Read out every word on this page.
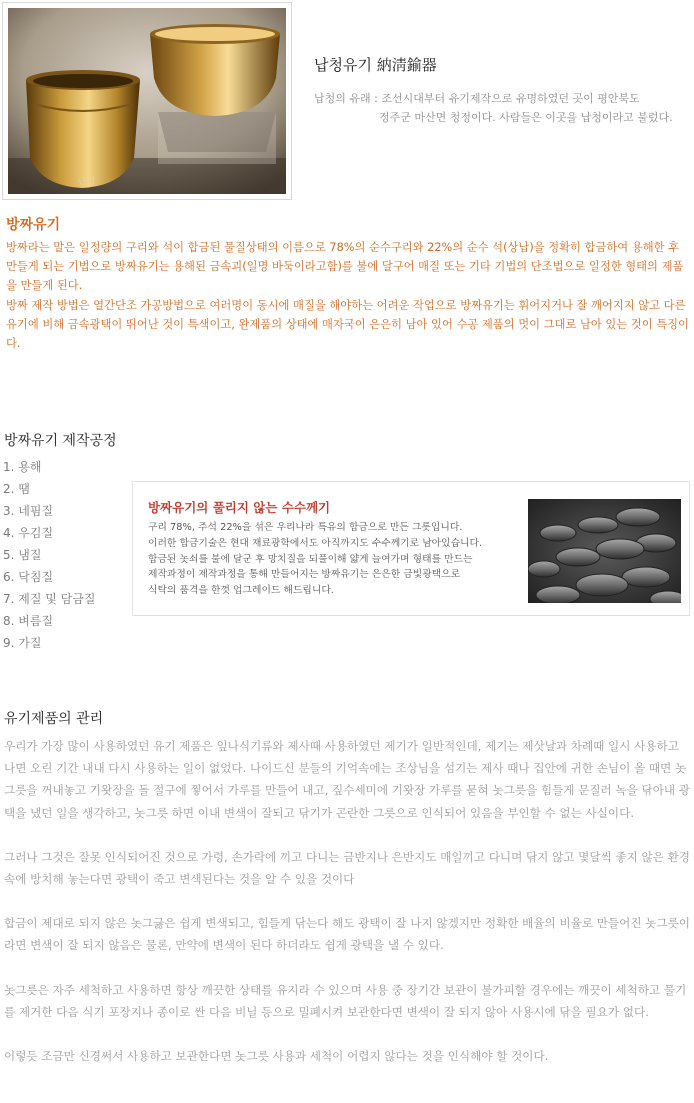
근정
납청유기 納淸鍮器
납청의 유래 : 조선시대부터 유기제작으로 유명하였던 곳이 평안북도
정주군 마산면 청정이다. 사람들은 이곳을 납청이라고 불렀다.
방짜유기

방짜라는 말은 일정량의 구리와 석이 합금된 물질상태의 이름으로 78%의 순수구리와 22%의 순수 석(상납)을 정확히 합금하여 용해한 후 만들게 되는 기법으로 방짜유기는 용해된 금속괴(일명 바둑이라고함)를 불에 달구어 매질 또는 기타 기법의 단조법으로 일정한 형태의 제품을 만들게 된다.

방짜 제작 방법은 열간단조 가공방법으로 여러명이 동시에 매질을 해야하는 어려운 작업으로 방짜유기는 휘어지거나 잘 깨어지지 않고 다른 유기에 비해 금속광택이 뛰어난 것이 특색이고, 완제품의 상태에 매자국이 은은히 남아 있어 수공 제품의 멋이 그대로 남아 있는 것이 특징이다.

방짜유기 제작공정
1. 용해
2. 땜
3. 네핌질
4. 우김질
5. 냄질
6. 닥침질
7. 제질 및 담금질
8. 벼름질
9. 가질
방짜유기의 풀리지 않는 수수께기

구리 78%, 주석 22%을 섞은 우리나라 특유의 합금으로 만든 그릇입니다.

이러한 합금기술은 현대 재료광학에서도 아직까지도 수수께기로 남아있습니다.

합금된 놋쇠를 불에 달군 후 망치질을 되풀이해 얇게 늘여가며 형태를 만드는

제작과정이 제작과정을 통해 만들어지는 방짜유기는 은은한 금빛광택으로

식탁의 품격을 한껏 업그레이드 해드립니다.

유기제품의 관리

우리가 가장 많이 사용하였던 유기 제품은 잎나식기류와 제사때 사용하였던 제기가 일반적인데, 제기는 제삿날과 차례때 일시 사용하고 나면 오린 기간 내내 다시 사용하는 일이 없었다. 나이드신 분들의 기억속에는 조상님을 섬기는 제사 때나 집안에 귀한 손님이 올 때면 놋그릇을 꺼내놓고 기왓장을 돌 절구에 찧어서 가루를 만들어 내고, 짚수세미에 기왓장 가루를 묻혀 놋그릇을 힘들게 문질러 녹을 닦아내 광택을 냈던 일을 생각하고, 놋그릇 하면 이내 변색이 잘되고 닦기가 곤란한 그릇으로 인식되어 있음을 부인할 수 없는 사실이다.

그러나 그것은 잘못 인식되어진 것으로 가령, 손가락에 끼고 다니는 금반지나 은반지도 매일끼고 다니며 닦지 않고 몇달씩 좋지 않은 환경 속에 방치해 놓는다면 광택이 죽고 변색된다는 것을 알 수 있을 것이다

합금이 제대로 되지 않은 놋그긇은 쉽게 변색되고, 힘들게 닦는다 해도 광택이 잘 나지 않겠지만 정확한 배율의 비율로 만들어진 놋그릇이라면 변색이 잘 되지 않음은 물론, 만약에 변색이 된다 하더라도 쉽게 광택을 낼 수 있다.

놋그릇은 자주 세척하고 사용하면 항상 깨끗한 상태를 유지라 수 있으며 사용 중 장기간 보관이 불가피할 경우에는 깨끗이 세척하고 물기를 제거한 다음 식기 포장지나 종이로 싼 다음 비닐 등으로 밀폐시켜 보관한다면 변색이 잘 되지 않아 사용시에 닦을 필요가 없다.

이렇듯 조금만 신경써서 사용하고 보관한다면 놋그릇 사용과 세척이 어렵지 않다는 것을 인식해야 할 것이다.
